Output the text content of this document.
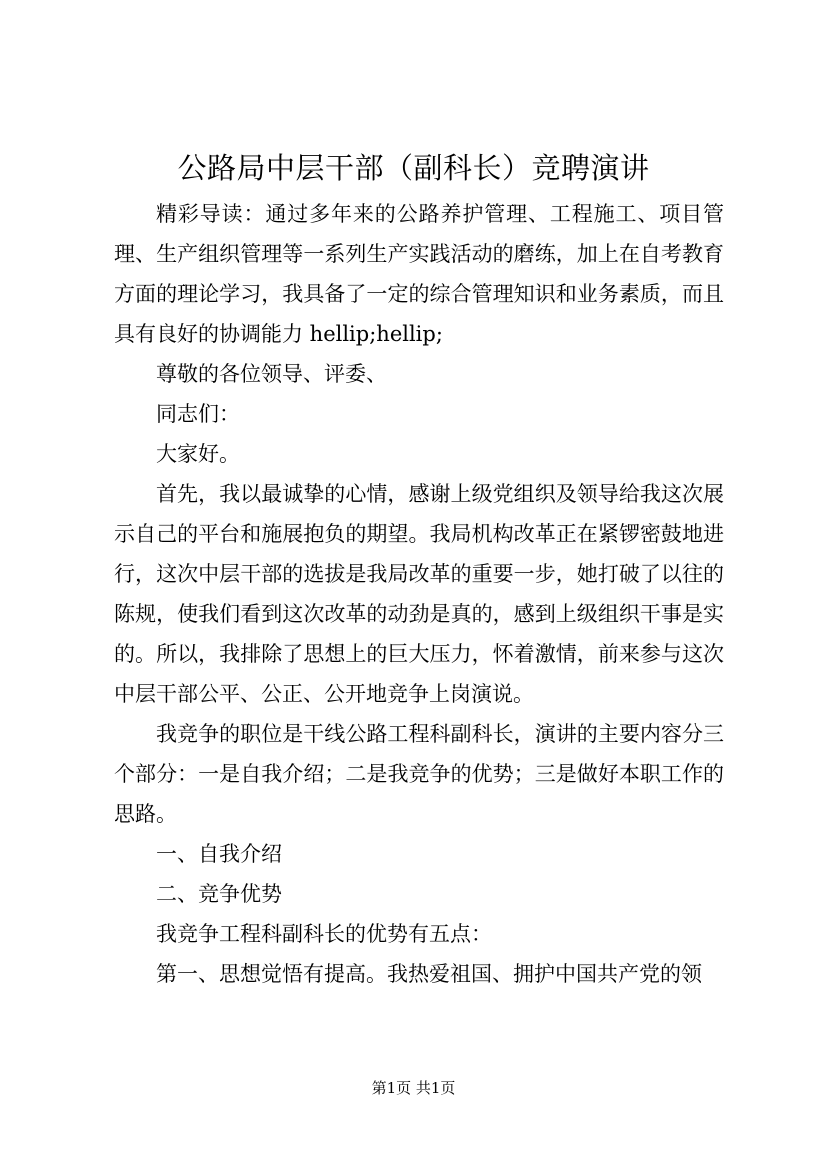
公路局中层干部（副科长）竞聘演讲

精彩导读：通过多年来的公路养护管理、工程施工、项目管理、生产组织管理等一系列生产实践活动的磨练，加上在自考教育方面的理论学习，我具备了一定的综合管理知识和业务素质，而且具有良好的协调能力 hellip;hellip;

尊敬的各位领导、评委、

同志们：

大家好。

首先，我以最诚挚的心情，感谢上级党组织及领导给我这次展示自己的平台和施展抱负的期望。我局机构改革正在紧锣密鼓地进行，这次中层干部的选拔是我局改革的重要一步，她打破了以往的陈规，使我们看到这次改革的动劲是真的，感到上级组织干事是实的。所以，我排除了思想上的巨大压力，怀着激情，前来参与这次中层干部公平、公正、公开地竞争上岗演说。

我竞争的职位是干线公路工程科副科长，演讲的主要内容分三个部分：一是自我介绍；二是我竞争的优势；三是做好本职工作的思路。

一、自我介绍

二、竞争优势

我竞争工程科副科长的优势有五点：

第一、思想觉悟有提高。我热爱祖国、拥护中国共产党的领

第1页 共1页
